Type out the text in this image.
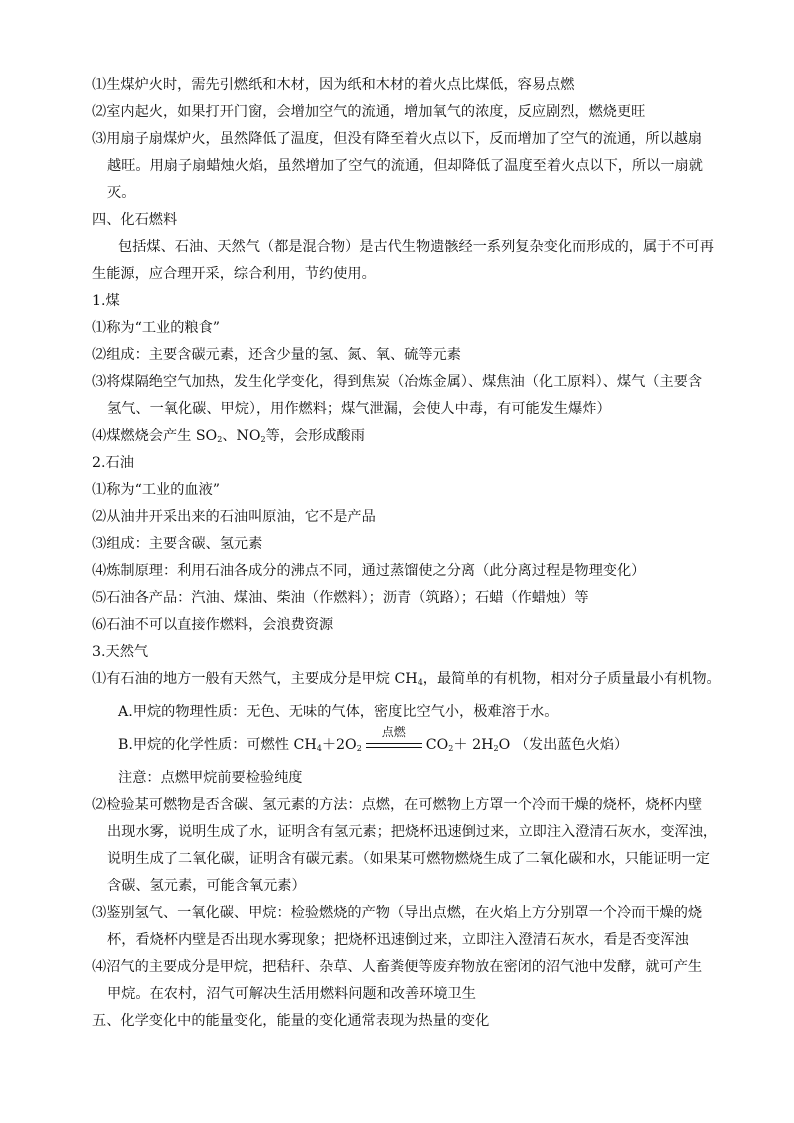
⑴生煤炉火时，需先引燃纸和木材，因为纸和木材的着火点比煤低，容易点燃
⑵室内起火，如果打开门窗，会增加空气的流通，增加氧气的浓度，反应剧烈，燃烧更旺
⑶用扇子扇煤炉火，虽然降低了温度，但没有降至着火点以下，反而增加了空气的流通，所以越扇
越旺。用扇子扇蜡烛火焰，虽然增加了空气的流通，但却降低了温度至着火点以下，所以一扇就
灭。
四、化石燃料
包括煤、石油、天然气（都是混合物）是古代生物遗骸经一系列复杂变化而形成的，属于不可再
生能源，应合理开采，综合利用，节约使用。
1.煤
⑴称为“工业的粮食”
⑵组成：主要含碳元素，还含少量的氢、氮、氧、硫等元素
⑶将煤隔绝空气加热，发生化学变化，得到焦炭（冶炼金属）、煤焦油（化工原料）、煤气（主要含
氢气、一氧化碳、甲烷），用作燃料；煤气泄漏，会使人中毒，有可能发生爆炸）
⑷煤燃烧会产生 $SO_2$、$NO_2$等，会形成酸雨
2.石油
⑴称为“工业的血液”
⑵从油井开采出来的石油叫原油，它不是产品
⑶组成：主要含碳、氢元素
⑷炼制原理：利用石油各成分的沸点不同，通过蒸馏使之分离（此分离过程是物理变化）
⑸石油各产品：汽油、煤油、柴油（作燃料）；沥青（筑路）；石蜡（作蜡烛）等
⑹石油不可以直接作燃料，会浪费资源
3.天然气
⑴有石油的地方一般有天然气，主要成分是甲烷 $CH_4$，最简单的有机物，相对分子质量最小有机物。
A.甲烷的物理性质：无色、无味的气体，密度比空气小，极难溶于水。
B.甲烷的化学性质：可燃性 $CH_4+2O_2$
点燃
$CO_2+ 2H_2O$ （发出蓝色火焰）
注意：点燃甲烷前要检验纯度
⑵检验某可燃物是否含碳、氢元素的方法：点燃，在可燃物上方罩一个冷而干燥的烧杯，烧杯内壁
出现水雾，说明生成了水，证明含有氢元素；把烧杯迅速倒过来，立即注入澄清石灰水，变浑浊，
说明生成了二氧化碳，证明含有碳元素。（如果某可燃物燃烧生成了二氧化碳和水，只能证明一定
含碳、氢元素，可能含氧元素）
⑶鉴别氢气、一氧化碳、甲烷：检验燃烧的产物（导出点燃，在火焰上方分别罩一个冷而干燥的烧
杯，看烧杯内壁是否出现水雾现象；把烧杯迅速倒过来，立即注入澄清石灰水，看是否变浑浊
⑷沼气的主要成分是甲烷，把秸秆、杂草、人畜粪便等废弃物放在密闭的沼气池中发酵，就可产生
甲烷。在农村，沼气可解决生活用燃料问题和改善环境卫生
五、化学变化中的能量变化，能量的变化通常表现为热量的变化
